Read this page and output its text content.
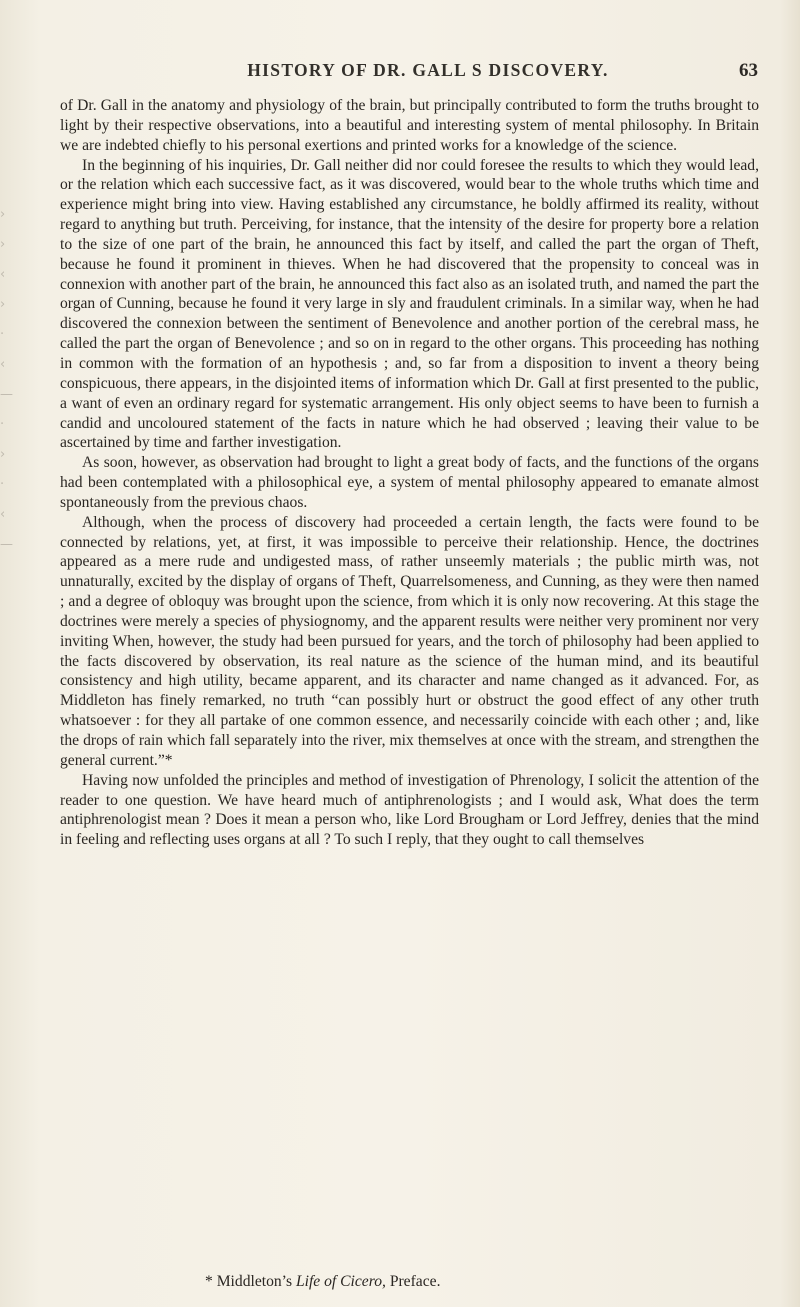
›
›
‹
›
·
‹
—
·
›
·
‹
—
HISTORY OF DR. GALL S DISCOVERY.	63

of Dr. Gall in the anatomy and physiology of the brain, but principally contributed to form the truths brought to light by their respective observations, into a beautiful and interesting system of mental philosophy. In Britain we are indebted chiefly to his personal exertions and printed works for a knowledge of the science.

In the beginning of his inquiries, Dr. Gall neither did nor could foresee the results to which they would lead, or the relation which each successive fact, as it was discovered, would bear to the whole truths which time and experience might bring into view. Having established any circumstance, he boldly affirmed its reality, without regard to anything but truth. Perceiving, for instance, that the intensity of the desire for property bore a relation to the size of one part of the brain, he announced this fact by itself, and called the part the organ of Theft, because he found it prominent in thieves. When he had discovered that the propensity to conceal was in connexion with another part of the brain, he announced this fact also as an isolated truth, and named the part the organ of Cunning, because he found it very large in sly and fraudulent criminals. In a similar way, when he had discovered the connexion between the sentiment of Benevolence and another portion of the cerebral mass, he called the part the organ of Benevolence ; and so on in regard to the other organs. This proceeding has nothing in common with the formation of an hypothesis ; and, so far from a disposition to invent a theory being conspicuous, there appears, in the disjointed items of information which Dr. Gall at first presented to the public, a want of even an ordinary regard for systematic arrangement. His only object seems to have been to furnish a candid and uncoloured statement of the facts in nature which he had observed ; leaving their value to be ascertained by time and farther investigation.

As soon, however, as observation had brought to light a great body of facts, and the functions of the organs had been contemplated with a philosophical eye, a system of mental philosophy appeared to emanate almost spontaneously from the previous chaos.

Although, when the process of discovery had proceeded a certain length, the facts were found to be connected by relations, yet, at first, it was impossible to perceive their relationship. Hence, the doctrines appeared as a mere rude and undigested mass, of rather unseemly materials ; the public mirth was, not unnaturally, excited by the display of organs of Theft, Quarrelsomeness, and Cunning, as they were then named ; and a degree of obloquy was brought upon the science, from which it is only now recovering. At this stage the doctrines were merely a species of physiognomy, and the apparent results were neither very prominent nor very inviting When, however, the study had been pursued for years, and the torch of philosophy had been applied to the facts discovered by observation, its real nature as the science of the human mind, and its beautiful consistency and high utility, became apparent, and its character and name changed as it advanced. For, as Middleton has finely remarked, no truth “can possibly hurt or obstruct the good effect of any other truth whatsoever : for they all partake of one common essence, and necessarily coincide with each other ; and, like the drops of rain which fall separately into the river, mix themselves at once with the stream, and strengthen the general current.”*

Having now unfolded the principles and method of investigation of Phrenology, I solicit the attention of the reader to one question. We have heard much of antiphrenologists ; and I would ask, What does the term antiphrenologist mean ? Does it mean a person who, like Lord Brougham or Lord Jeffrey, denies that the mind in feeling and reflecting uses organs at all ? To such I reply, that they ought to call themselves

* Middleton’s Life of Cicero, Preface.
